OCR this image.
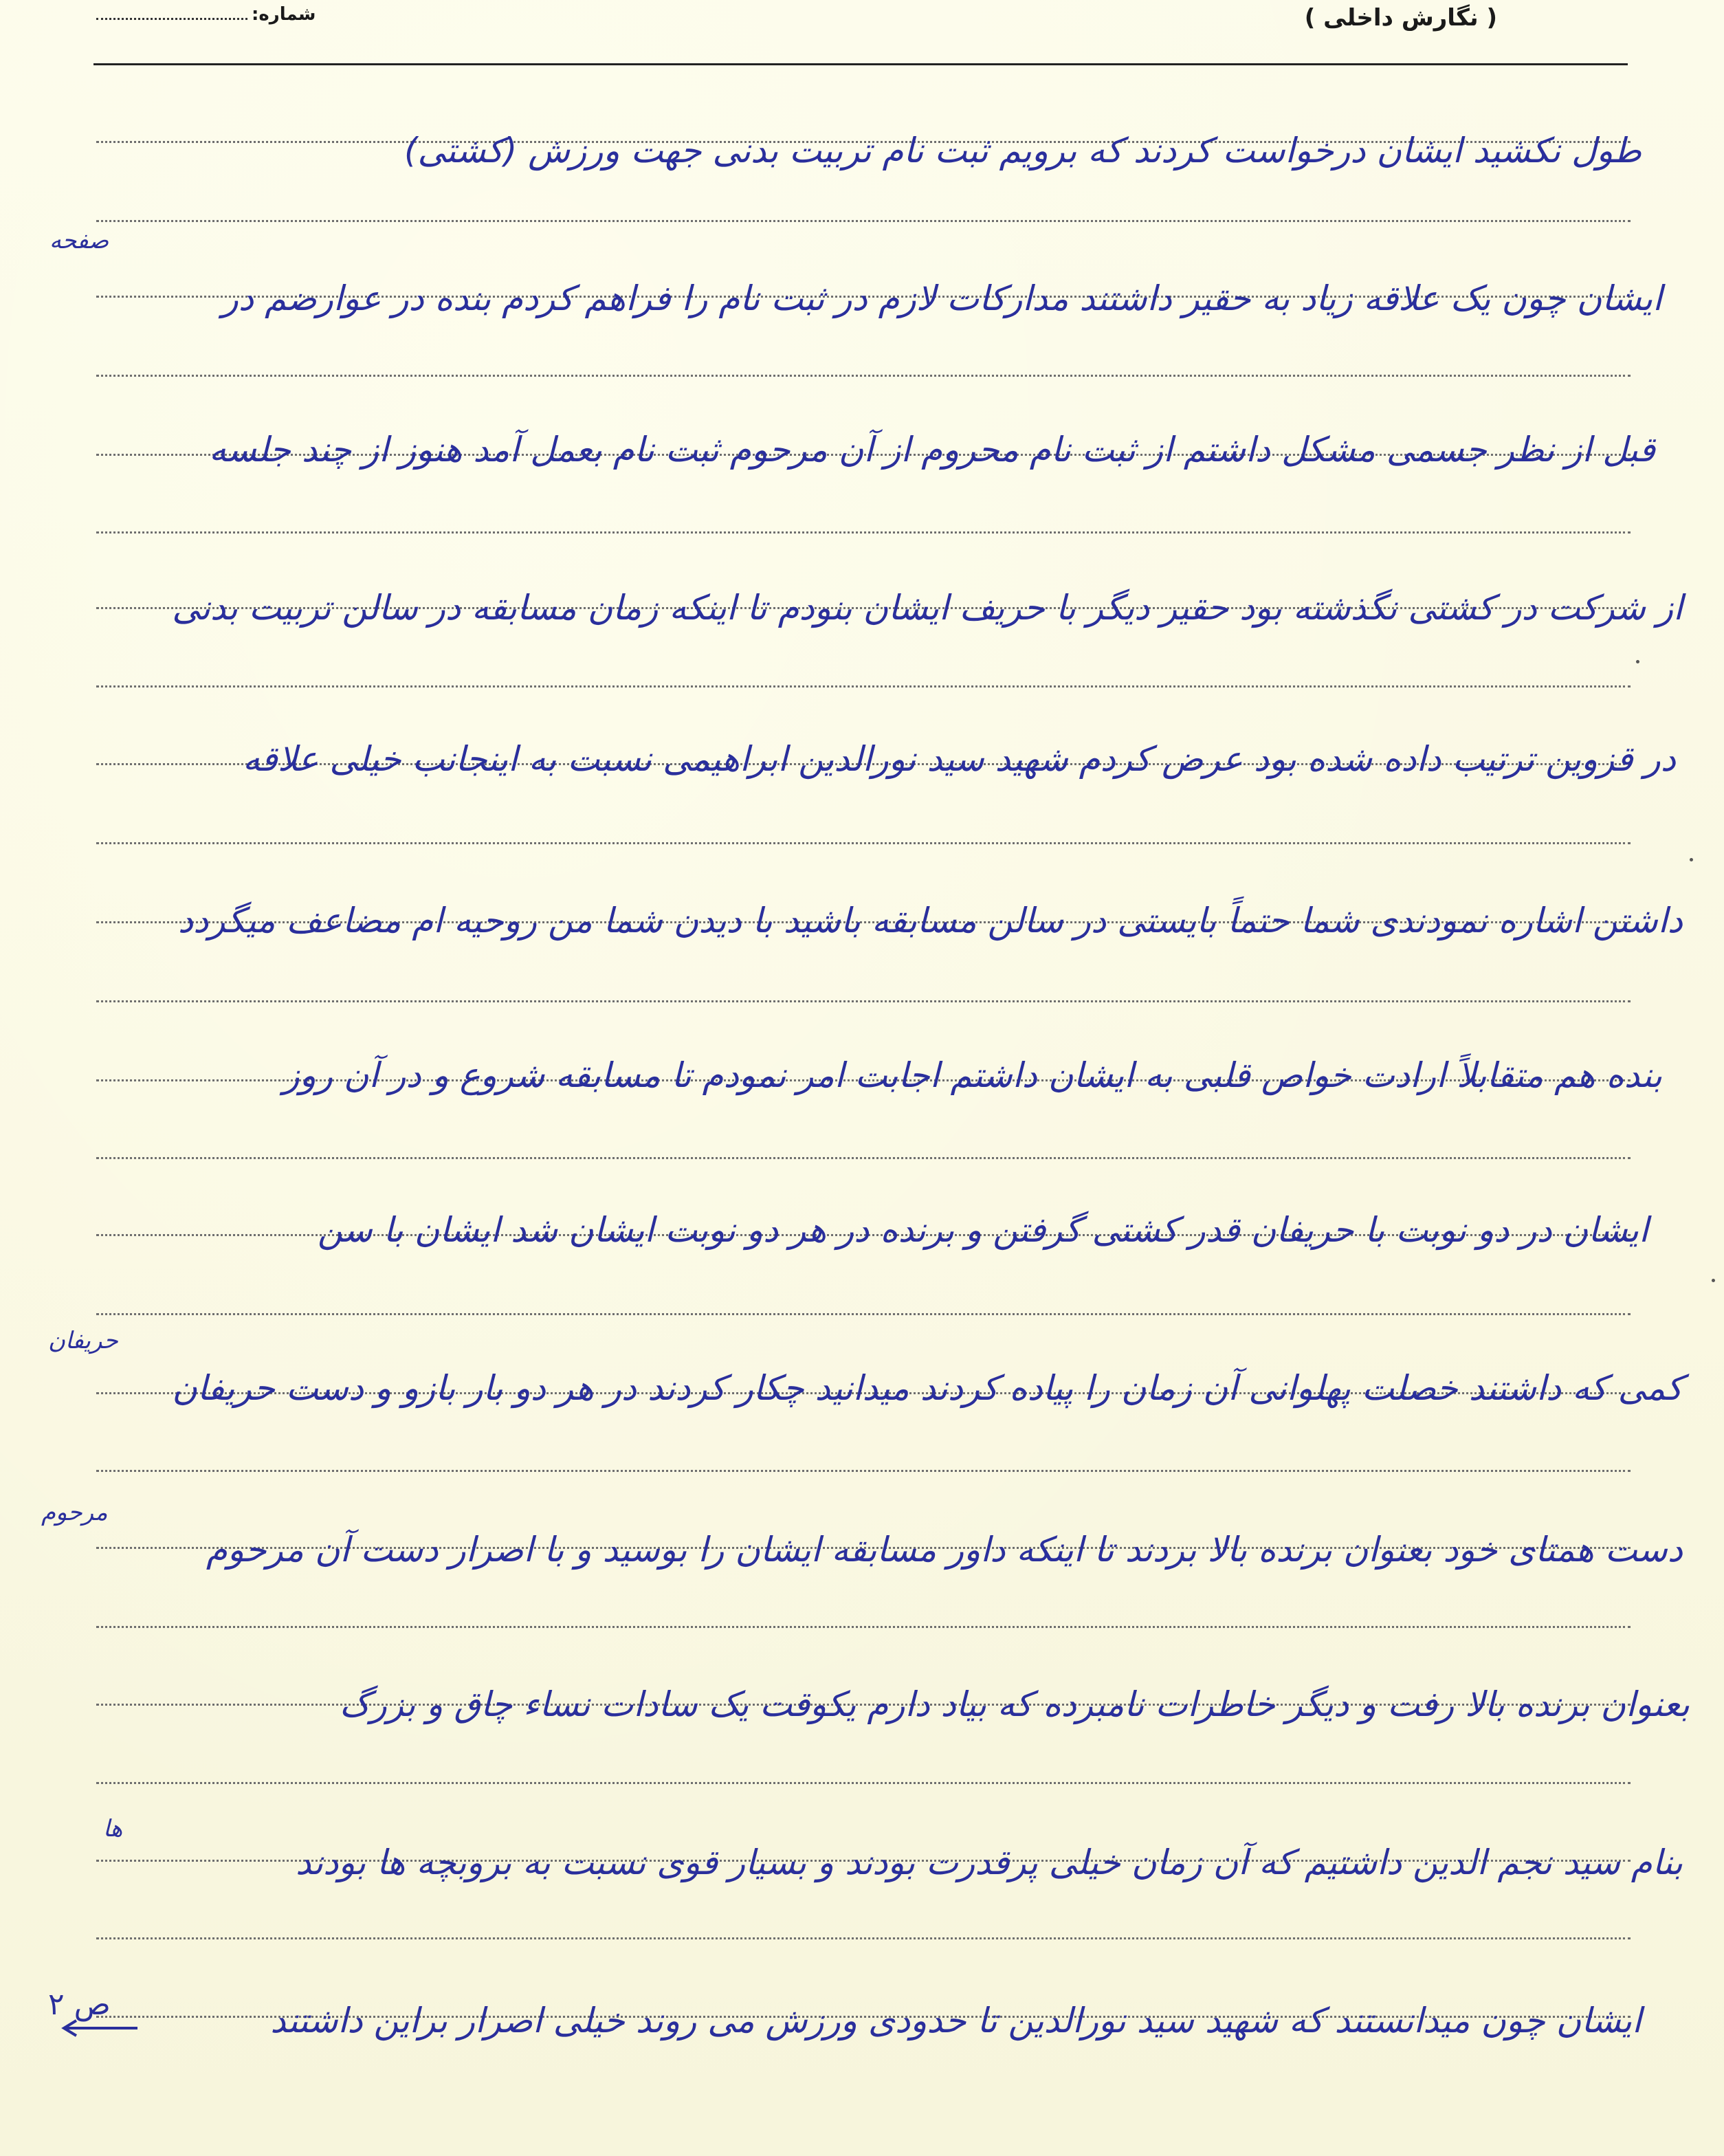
( نگارش داخلی )
شماره:
طول نکشید ایشان درخواست کردند که برویم ثبت نام تربیت بدنی جهت ورزش (کشتی)
ایشان چون یک علاقه زیاد به حقیر داشتند مدارکات لازم در ثبت نام را فراهم کردم بنده در عوارضم در
قبل از نظر جسمی مشکل داشتم از ثبت نام محروم از آن مرحوم ثبت نام بعمل آمد هنوز از چند جلسه
از شرکت در کشتی نگذشته بود حقیر دیگر با حریف ایشان بنودم تا اینکه زمان مسابقه در سالن تربیت بدنی
در قزوین ترتیب داده شده بود عرض کردم شهید سید نورالدین ابراهیمی نسبت به اینجانب خیلی علاقه
داشتن اشاره نمودندی شما حتماً بایستی در سالن مسابقه باشید با دیدن شما من روحیه ام مضاعف میگردد
بنده هم متقابلاً ارادت خواص قلبی به ایشان داشتم اجابت امر نمودم تا مسابقه شروع و در آن روز
ایشان در دو نوبت با حریفان قدر کشتی گرفتن و برنده در هر دو نوبت ایشان شد ایشان با سن
کمی که داشتند خصلت پهلوانی آن زمان را پیاده کردند میدانید چکار کردند در هر دو بار بازو و دست حریفان
دست همتای خود بعنوان برنده بالا بردند تا اینکه داور مسابقه ایشان را بوسید و با اصرار دست آن مرحوم
بعنوان برنده بالا رفت و دیگر خاطرات نامبرده که بیاد دارم یکوقت یک سادات نساء چاق و بزرگ
بنام سید نجم الدین داشتیم که آن زمان خیلی پرقدرت بودند و بسیار قوی نسبت به بروبچه ها بودند
ایشان چون میدانستند که شهید سید نورالدین تا حدودی ورزش می روند خیلی اصرار براین داشتند
صفحه
حریفان
مرحوم
ها
ص ۲
